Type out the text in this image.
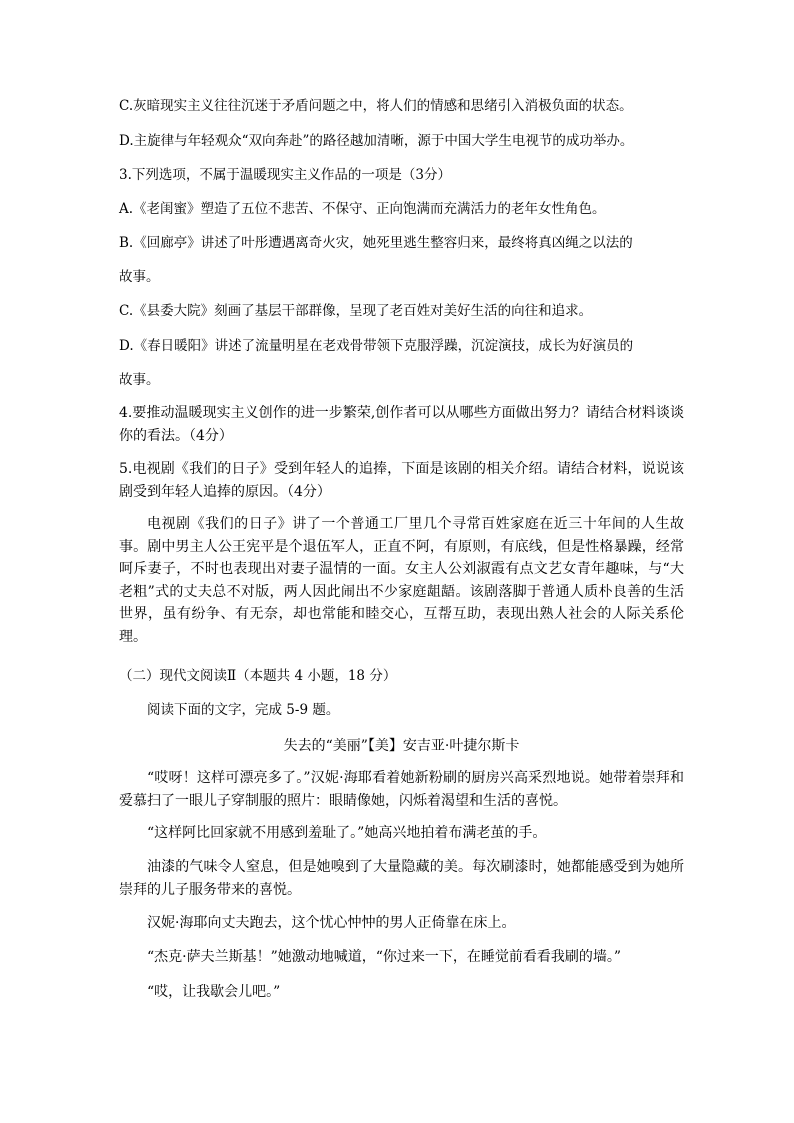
C.灰暗现实主义往往沉迷于矛盾问题之中，将人们的情感和思绪引入消极负面的状态。
D.主旋律与年轻观众“双向奔赴”的路径越加清晰，源于中国大学生电视节的成功举办。
3.下列选项，不属于温暖现实主义作品的一项是（3分）
A.《老闺蜜》塑造了五位不悲苦、不保守、正向饱满而充满活力的老年女性角色。
B.《回廊亭》讲述了叶彤遭遇离奇火灾，她死里逃生整容归来，最终将真凶绳之以法的
故事。
C.《县委大院》刻画了基层干部群像，呈现了老百姓对美好生活的向往和追求。
D.《春日暖阳》讲述了流量明星在老戏骨带领下克服浮躁，沉淀演技，成长为好演员的
故事。
4.要推动温暖现实主义创作的进一步繁荣,创作者可以从哪些方面做出努力？请结合材料谈谈你的看法。（4分）
5.电视剧《我们的日子》受到年轻人的追捧，下面是该剧的相关介绍。请结合材料，说说该剧受到年轻人追捧的原因。（4分）
电视剧《我们的日子》讲了一个普通工厂里几个寻常百姓家庭在近三十年间的人生故事。剧中男主人公王宪平是个退伍军人，正直不阿，有原则，有底线，但是性格暴躁，经常呵斥妻子，不时也表现出对妻子温情的一面。女主人公刘淑霞有点文艺女青年趣味，与“大老粗”式的丈夫总不对版，两人因此闹出不少家庭龃龉。该剧落脚于普通人质朴良善的生活世界，虽有纷争、有无奈，却也常能和睦交心，互帮互助，表现出熟人社会的人际关系伦理。
（二）现代文阅读Ⅱ（本题共 4 小题，18 分）
阅读下面的文字，完成 5-9 题。
失去的“美丽”【美】安吉亚·叶捷尔斯卡
“哎呀！这样可漂亮多了。”汉妮·海耶看着她新粉刷的厨房兴高采烈地说。她带着崇拜和爱慕扫了一眼儿子穿制服的照片：眼睛像她，闪烁着渴望和生活的喜悦。
“这样阿比回家就不用感到羞耻了。”她高兴地拍着布满老茧的手。
油漆的气味令人窒息，但是她嗅到了大量隐藏的美。每次刷漆时，她都能感受到为她所崇拜的儿子服务带来的喜悦。
汉妮·海耶向丈夫跑去，这个忧心忡忡的男人正倚靠在床上。
“杰克·萨夫兰斯基！”她激动地喊道，“你过来一下，在睡觉前看看我刷的墙。”
“哎，让我歇会儿吧。”
